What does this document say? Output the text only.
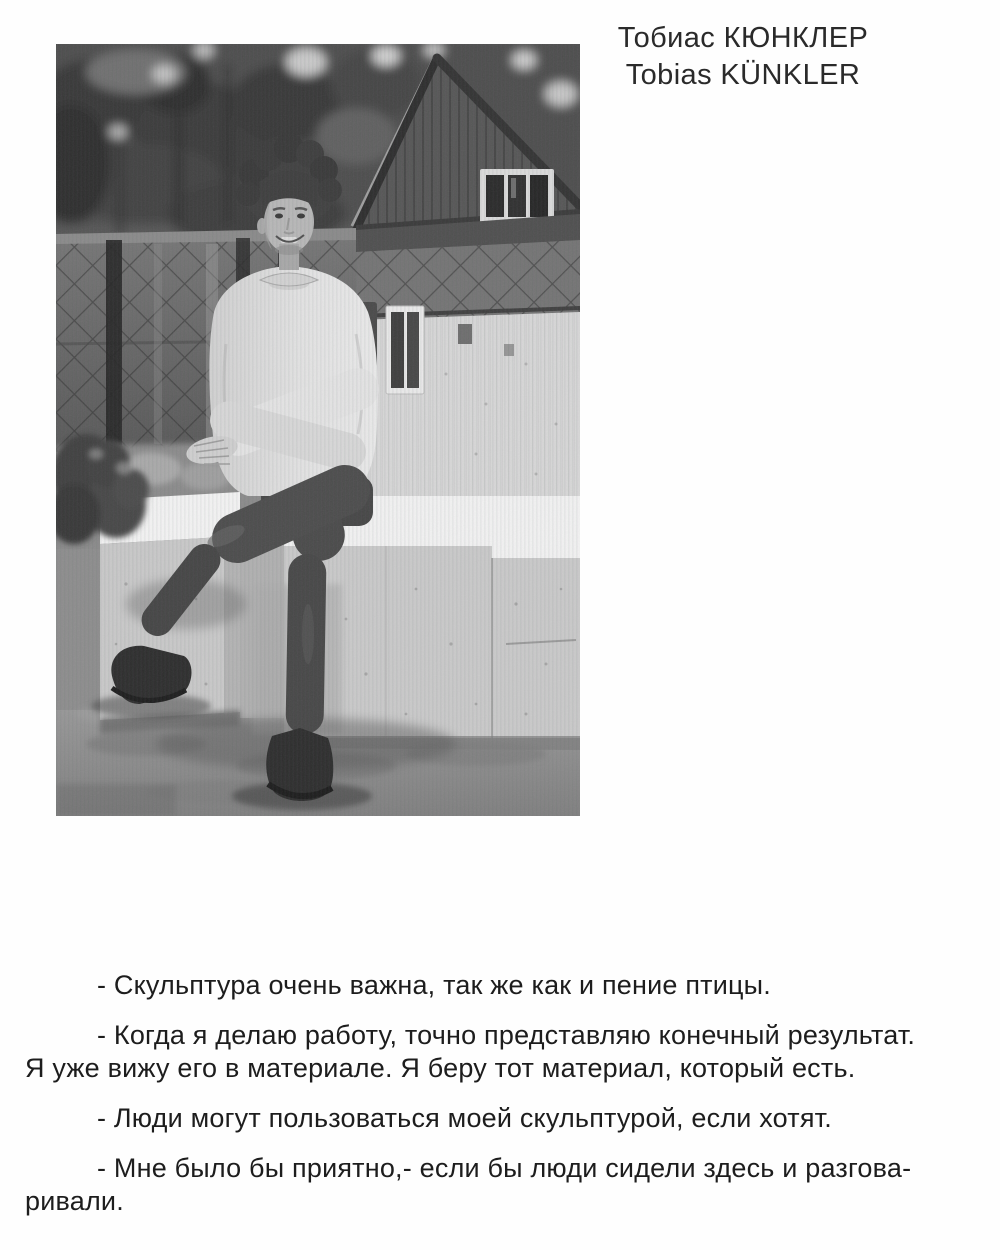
Тобиас КЮНКЛЕР
Tobias KÜNKLER

- Скульптура очень важна, так же как и пение птицы.

- Когда я делаю работу, точно представляю конечный результат.
Я уже вижу его в материале. Я беру тот материал, который есть.

- Люди могут пользоваться моей скульптурой, если хотят.

- Мне было бы приятно,- если бы люди сидели здесь и разгова-
ривали.
